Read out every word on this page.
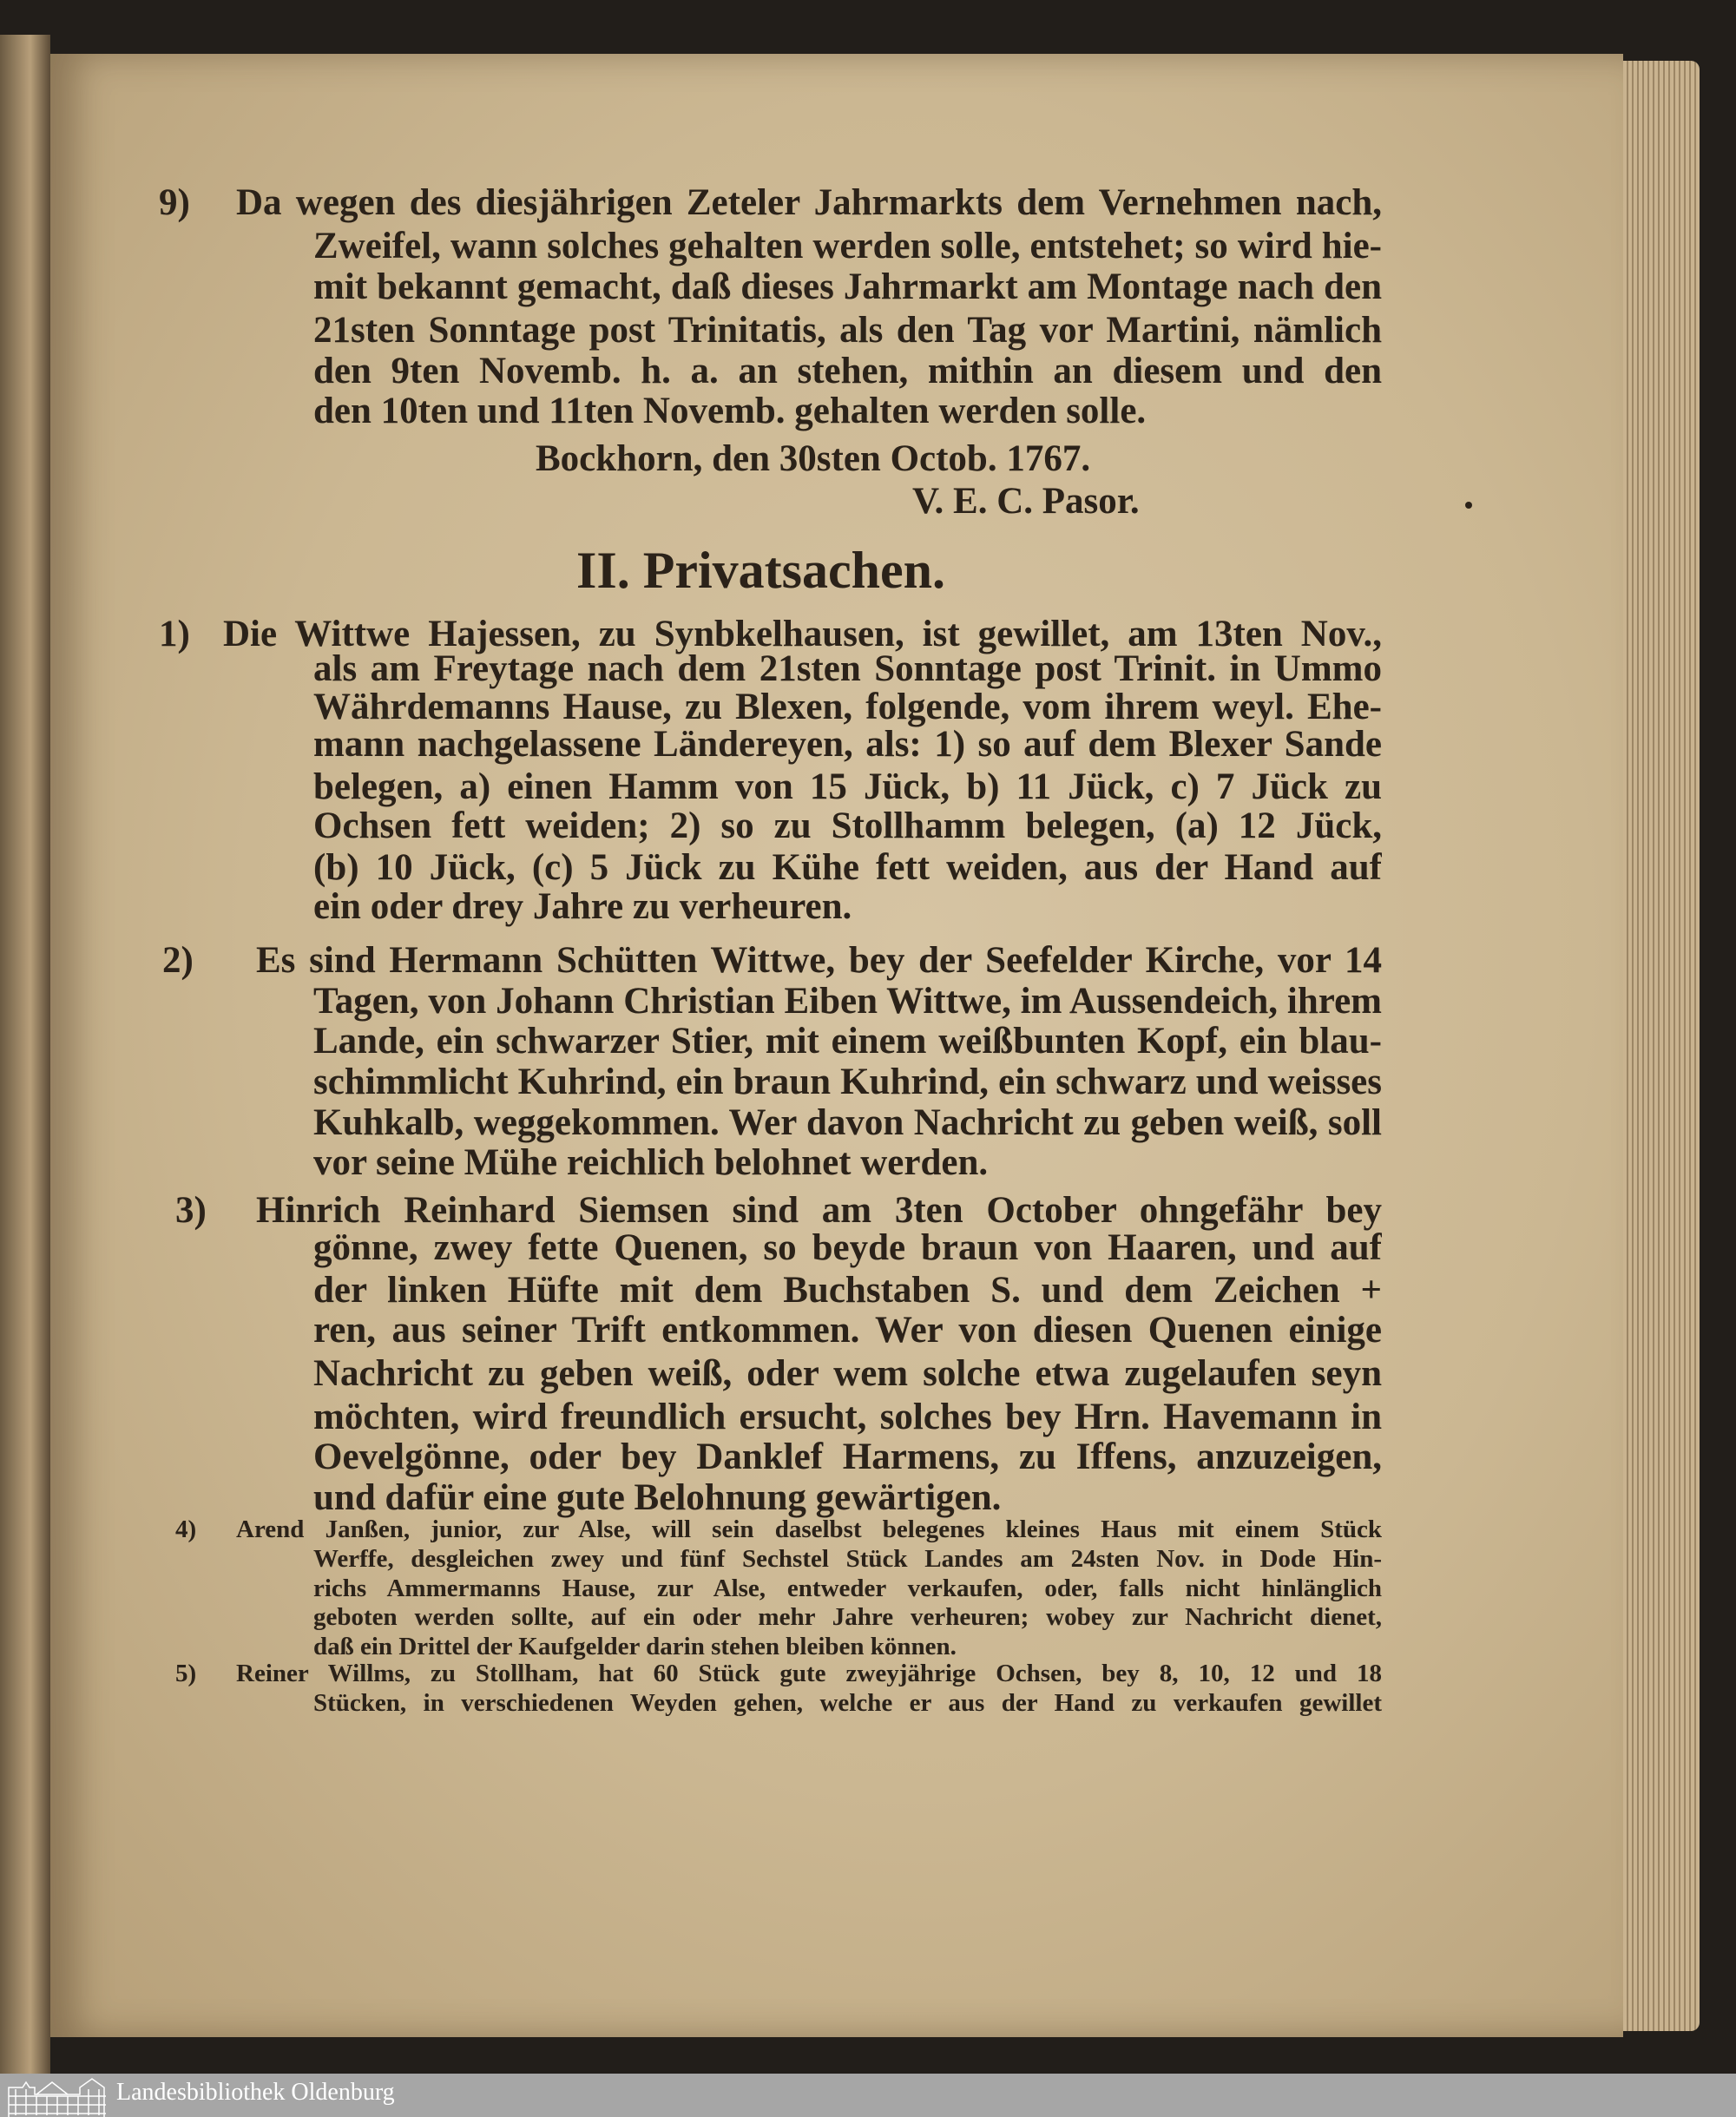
9) Da wegen des diesjährigen Zeteler Jahrmarkts dem Vernehmen nach,
Zweifel, wann solches gehalten werden solle, entstehet; so wird hie-
mit bekannt gemacht, daß dieses Jahrmarkt am Montage nach den
21sten Sonntage post Trinitatis, als den Tag vor Martini, nämlich
den 9ten Novemb. h. a. an stehen, mithin an diesem und den
den 10ten und 11ten Novemb. gehalten werden solle.
Bockhorn, den 30sten Octob. 1767.
V. E. C. Pasor.
II. Privatsachen.
1) Die Wittwe Hajessen, zu Synbkelhausen, ist gewillet, am 13ten Nov.,
als am Freytage nach dem 21sten Sonntage post Trinit. in Ummo
Währdemanns Hause, zu Blexen, folgende, vom ihrem weyl. Ehe-
mann nachgelassene Ländereyen, als: 1) so auf dem Blexer Sande
belegen, a) einen Hamm von 15 Jück, b) 11 Jück, c) 7 Jück zu
Ochsen fett weiden; 2) so zu Stollhamm belegen, (a) 12 Jück,
(b) 10 Jück, (c) 5 Jück zu Kühe fett weiden, aus der Hand auf
ein oder drey Jahre zu verheuren.
2) Es sind Hermann Schütten Wittwe, bey der Seefelder Kirche, vor 14
Tagen, von Johann Christian Eiben Wittwe, im Aussendeich, ihrem
Lande, ein schwarzer Stier, mit einem weißbunten Kopf, ein blau-
schimmlicht Kuhrind, ein braun Kuhrind, ein schwarz und weisses
Kuhkalb, weggekommen. Wer davon Nachricht zu geben weiß, soll
vor seine Mühe reichlich belohnet werden.
3) Hinrich Reinhard Siemsen sind am 3ten October ohngefähr bey
gönne, zwey fette Quenen, so beyde braun von Haaren, und auf
der linken Hüfte mit dem Buchstaben S. und dem Zeichen +
ren, aus seiner Trift entkommen. Wer von diesen Quenen einige
Nachricht zu geben weiß, oder wem solche etwa zugelaufen seyn
möchten, wird freundlich ersucht, solches bey Hrn. Havemann in
Oevelgönne, oder bey Danklef Harmens, zu Iffens, anzuzeigen,
und dafür eine gute Belohnung gewärtigen.
4) Arend Janßen, junior, zur Alse, will sein daselbst belegenes kleines Haus mit einem Stück
Werffe, desgleichen zwey und fünf Sechstel Stück Landes am 24sten Nov. in Dode Hin-
richs Ammermanns Hause, zur Alse, entweder verkaufen, oder, falls nicht hinlänglich
geboten werden sollte, auf ein oder mehr Jahre verheuren; wobey zur Nachricht dienet,
daß ein Drittel der Kaufgelder darin stehen bleiben können.
5) Reiner Willms, zu Stollham, hat 60 Stück gute zweyjährige Ochsen, bey 8, 10, 12 und 18
Stücken, in verschiedenen Weyden gehen, welche er aus der Hand zu verkaufen gewillet
Landesbibliothek Oldenburg
